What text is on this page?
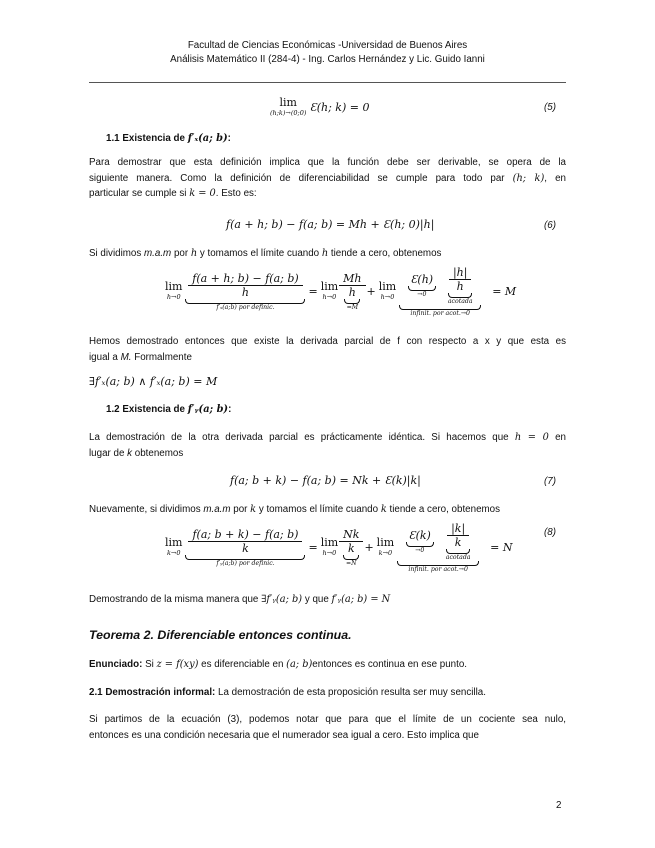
Facultad de Ciencias Económicas -Universidad de Buenos Aires
Análisis Matemático II (284-4) - Ing. Carlos Hernández y Lic. Guido Ianni
lim
(h;k)→(0;0) Ɛ(h; k) = 0	(5)
1.1 Existencia de f′ₓ(a; b):
Para demostrar que esta definición implica que la función debe ser derivable, se opera de la
siguiente manera. Como la definición de diferenciabilidad se cumple para todo par (h; k), en
particular se cumple si k = 0. Esto es:
f(a + h; b) − f(a; b) = Mh + Ɛ(h; 0)|h|	(6)
Si dividimos m.a.m por h y tomamos el límite cuando h tiende a cero, obtenemos
lim
$h\to 0 \frac{f(a + h; b) - f(a; b)}{h}$
f′ₓ(a;b) por definic.
= lim
$h\to 0 \frac{Mh}{h}$
=M
+ lim
h→0
Ɛ(h)
→0
$\frac{|h|}{h}$
acotada
infinit. por acot.→0
= M
Hemos demostrado entonces que existe la derivada parcial de f con respecto a x y que esta es
igual a M. Formalmente
∃f′ₓ(a; b) ∧ f′ₓ(a; b) = M
1.2 Existencia de f′ᵧ(a; b):
La demostración de la otra derivada parcial es prácticamente idéntica. Si hacemos que h = 0 en
lugar de k obtenemos
f(a; b + k) − f(a; b) = Nk + Ɛ(k)|k|	(7)
Nuevamente, si dividimos m.a.m por k y tomamos el límite cuando k tiende a cero, obtenemos
lim
$k\to 0 \frac{f(a; b + k) - f(a; b)}{k}$
f′ᵧ(a;b) por definic.
= lim
$h\to 0 \frac{Nk}{k}$
=N
+ lim
k→0
Ɛ(k)
→0
$\frac{|k|}{k}$
acotada
infinit. por acot.→0
= N
(8)
Demostrando de la misma manera que ∃f′ᵧ(a; b) y que f′ᵧ(a; b) = N
Teorema 2. Diferenciable entonces continua.
Enunciado: Si z = f(xy) es diferenciable en (a; b)entonces es continua en ese punto.
2.1 Demostración informal: La demostración de esta proposición resulta ser muy sencilla.
Si partimos de la ecuación (3), podemos notar que para que el límite de un cociente sea nulo,
entonces es una condición necesaria que el numerador sea igual a cero. Esto implica que
2
